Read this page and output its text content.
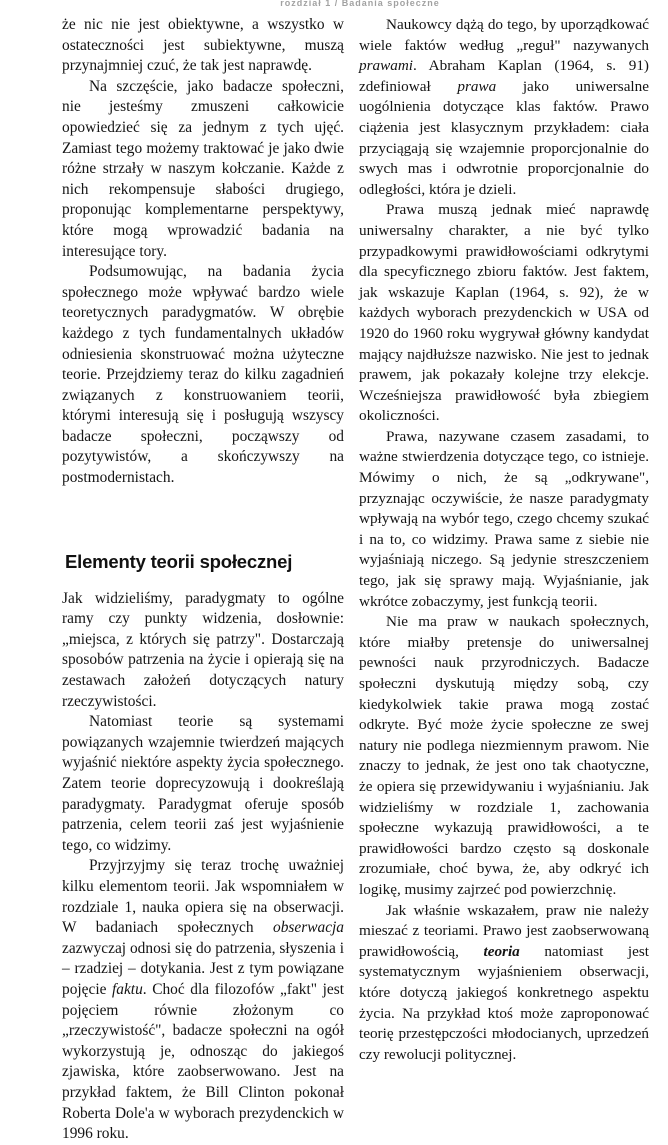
rozdział 1 / Badania społeczne

że nic nie jest obiektywne, a wszystko w ostateczności jest subiektywne, muszą przynajmniej czuć, że tak jest naprawdę.

Na szczęście, jako badacze społeczni, nie jesteśmy zmuszeni całkowicie opowiedzieć się za jednym z tych ujęć. Zamiast tego możemy traktować je jako dwie różne strzały w naszym kołczanie. Każde z nich rekompensuje słabości drugiego, proponując komplementarne perspektywy, które mogą wprowadzić badania na interesujące tory.

Podsumowując, na badania życia społecznego może wpływać bardzo wiele teoretycznych paradygmatów. W obrębie każdego z tych fundamentalnych układów odniesienia skonstruować można użyteczne teorie. Przejdziemy teraz do kilku zagadnień związanych z konstruowaniem teorii, którymi interesują się i posługują wszyscy badacze społeczni, począwszy od pozytywistów, a skończywszy na postmodernistach.

Elementy teorii społecznej

Jak widzieliśmy, paradygmaty to ogólne ramy czy punkty widzenia, dosłownie: „miejsca, z których się patrzy". Dostarczają sposobów patrzenia na życie i opierają się na zestawach założeń dotyczących natury rzeczywistości.

Natomiast teorie są systemami powiązanych wzajemnie twierdzeń mających wyjaśnić niektóre aspekty życia społecznego. Zatem teorie doprecyzowują i dookreślają paradygmaty. Paradygmat oferuje sposób patrzenia, celem teorii zaś jest wyjaśnienie tego, co widzimy.

Przyjrzyjmy się teraz trochę uważniej kilku elementom teorii. Jak wspomniałem w rozdziale 1, nauka opiera się na obserwacji. W badaniach społecznych obserwacja zazwyczaj odnosi się do patrzenia, słyszenia i – rzadziej – dotykania. Jest z tym powiązane pojęcie faktu. Choć dla filozofów „fakt" jest pojęciem równie złożonym co „rzeczywistość", badacze społeczni na ogół wykorzystują je, odnosząc do jakiegoś zjawiska, które zaobserwowano. Jest na przykład faktem, że Bill Clinton pokonał Roberta Dole'a w wyborach prezydenckich w 1996 roku.

Naukowcy dążą do tego, by uporządkować wiele faktów według „reguł" nazywanych prawami. Abraham Kaplan (1964, s. 91) zdefiniował prawa jako uniwersalne uogólnienia dotyczące klas faktów. Prawo ciążenia jest klasycznym przykładem: ciała przyciągają się wzajemnie proporcjonalnie do swych mas i odwrotnie proporcjonalnie do odległości, która je dzieli.

Prawa muszą jednak mieć naprawdę uniwersalny charakter, a nie być tylko przypadkowymi prawidłowościami odkrytymi dla specyficznego zbioru faktów. Jest faktem, jak wskazuje Kaplan (1964, s. 92), że w każdych wyborach prezydenckich w USA od 1920 do 1960 roku wygrywał główny kandydat mający najdłuższe nazwisko. Nie jest to jednak prawem, jak pokazały kolejne trzy elekcje. Wcześniejsza prawidłowość była zbiegiem okoliczności.

Prawa, nazywane czasem zasadami, to ważne stwierdzenia dotyczące tego, co istnieje. Mówimy o nich, że są „odkrywane", przyznając oczywiście, że nasze paradygmaty wpływają na wybór tego, czego chcemy szukać i na to, co widzimy. Prawa same z siebie nie wyjaśniają niczego. Są jedynie streszczeniem tego, jak się sprawy mają. Wyjaśnianie, jak wkrótce zobaczymy, jest funkcją teorii.

Nie ma praw w naukach społecznych, które miałby pretensje do uniwersalnej pewności nauk przyrodniczych. Badacze społeczni dyskutują między sobą, czy kiedykolwiek takie prawa mogą zostać odkryte. Być może życie społeczne ze swej natury nie podlega niezmiennym prawom. Nie znaczy to jednak, że jest ono tak chaotyczne, że opiera się przewidywaniu i wyjaśnianiu. Jak widzieliśmy w rozdziale 1, zachowania społeczne wykazują prawidłowości, a te prawidłowości bardzo często są doskonale zrozumiałe, choć bywa, że, aby odkryć ich logikę, musimy zajrzeć pod powierzchnię.

Jak właśnie wskazałem, praw nie należy mieszać z teoriami. Prawo jest zaobserwowaną prawidłowością, teoria natomiast jest systematycznym wyjaśnieniem obserwacji, które dotyczą jakiegoś konkretnego aspektu życia. Na przykład ktoś może zaproponować teorię przestępczości młodocianych, uprzedzeń czy rewolucji politycznej.
